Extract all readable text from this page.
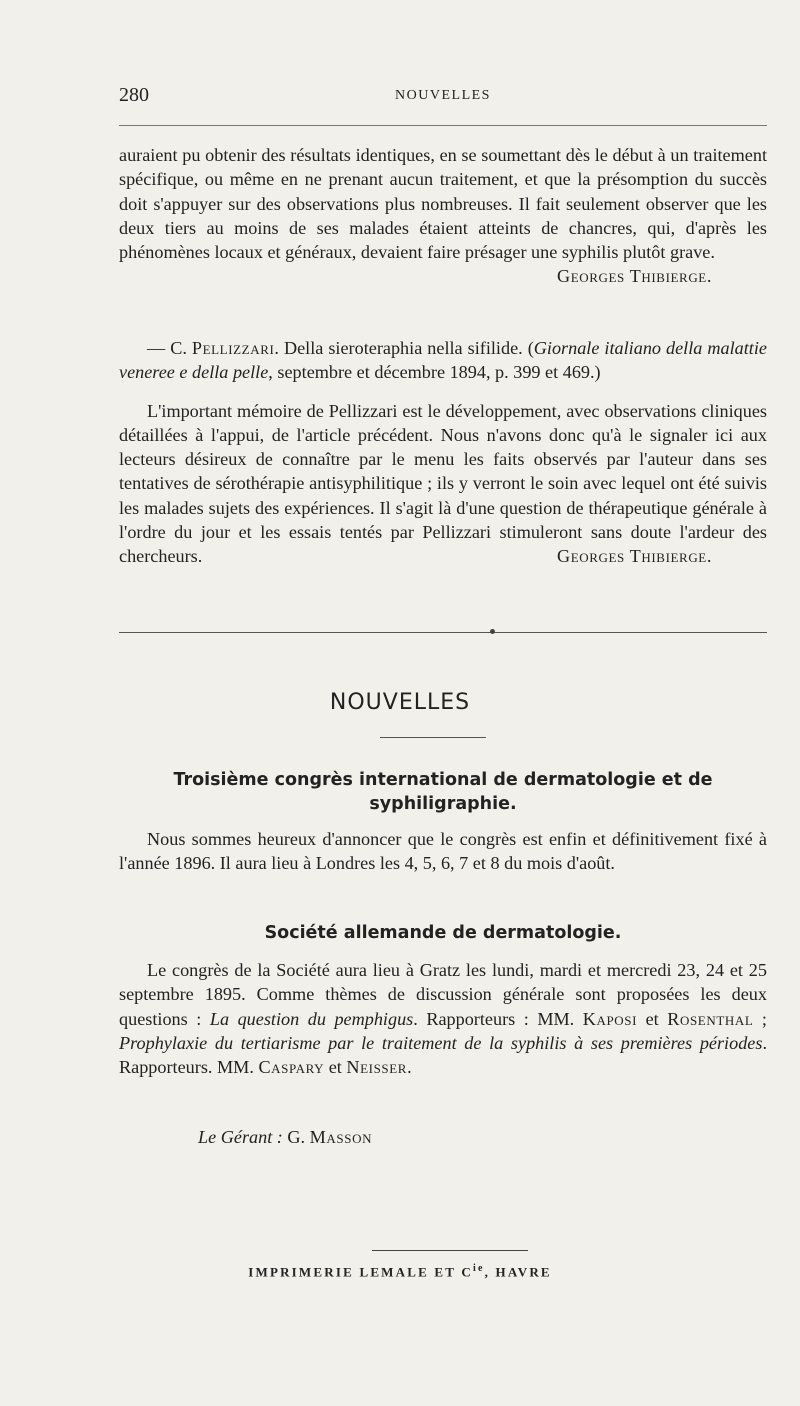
280	NOUVELLES

auraient pu obtenir des résultats identiques, en se soumettant dès le début à un traitement spécifique, ou même en ne prenant aucun traitement, et que la présomption du succès doit s'appuyer sur des observations plus nombreuses. Il fait seulement observer que les deux tiers au moins de ses malades étaient atteints de chancres, qui, d'après les phénomènes locaux et généraux, devaient faire présager une syphilis plutôt grave.

Georges Thibierge.

— C. Pellizzari. Della sieroteraphia nella sifilide. (Giornale italiano della malattie veneree e della pelle, septembre et décembre 1894, p. 399 et 469.)

L'important mémoire de Pellizzari est le développement, avec observations cliniques détaillées à l'appui, de l'article précédent. Nous n'avons donc qu'à le signaler ici aux lecteurs désireux de connaître par le menu les faits observés par l'auteur dans ses tentatives de sérothérapie antisyphilitique ; ils y verront le soin avec lequel ont été suivis les malades sujets des expériences. Il s'agit là d'une question de thérapeutique générale à l'ordre du jour et les essais tentés par Pellizzari stimuleront sans doute l'ardeur des chercheurs.	Georges Thibierge.

NOUVELLES
Troisième congrès international de dermatologie et de syphiligraphie.

Nous sommes heureux d'annoncer que le congrès est enfin et définitivement fixé à l'année 1896. Il aura lieu à Londres les 4, 5, 6, 7 et 8 du mois d'août.

Société allemande de dermatologie.

Le congrès de la Société aura lieu à Gratz les lundi, mardi et mercredi 23, 24 et 25 septembre 1895. Comme thèmes de discussion générale sont proposées les deux questions : La question du pemphigus. Rapporteurs : MM. Kaposi et Rosenthal ; Prophylaxie du tertiarisme par le traitement de la syphilis à ses premières périodes. Rapporteurs. MM. Caspary et Neisser.

Le Gérant : G. Masson
IMPRIMERIE LEMALE ET $C^{ie}$, HAVRE
